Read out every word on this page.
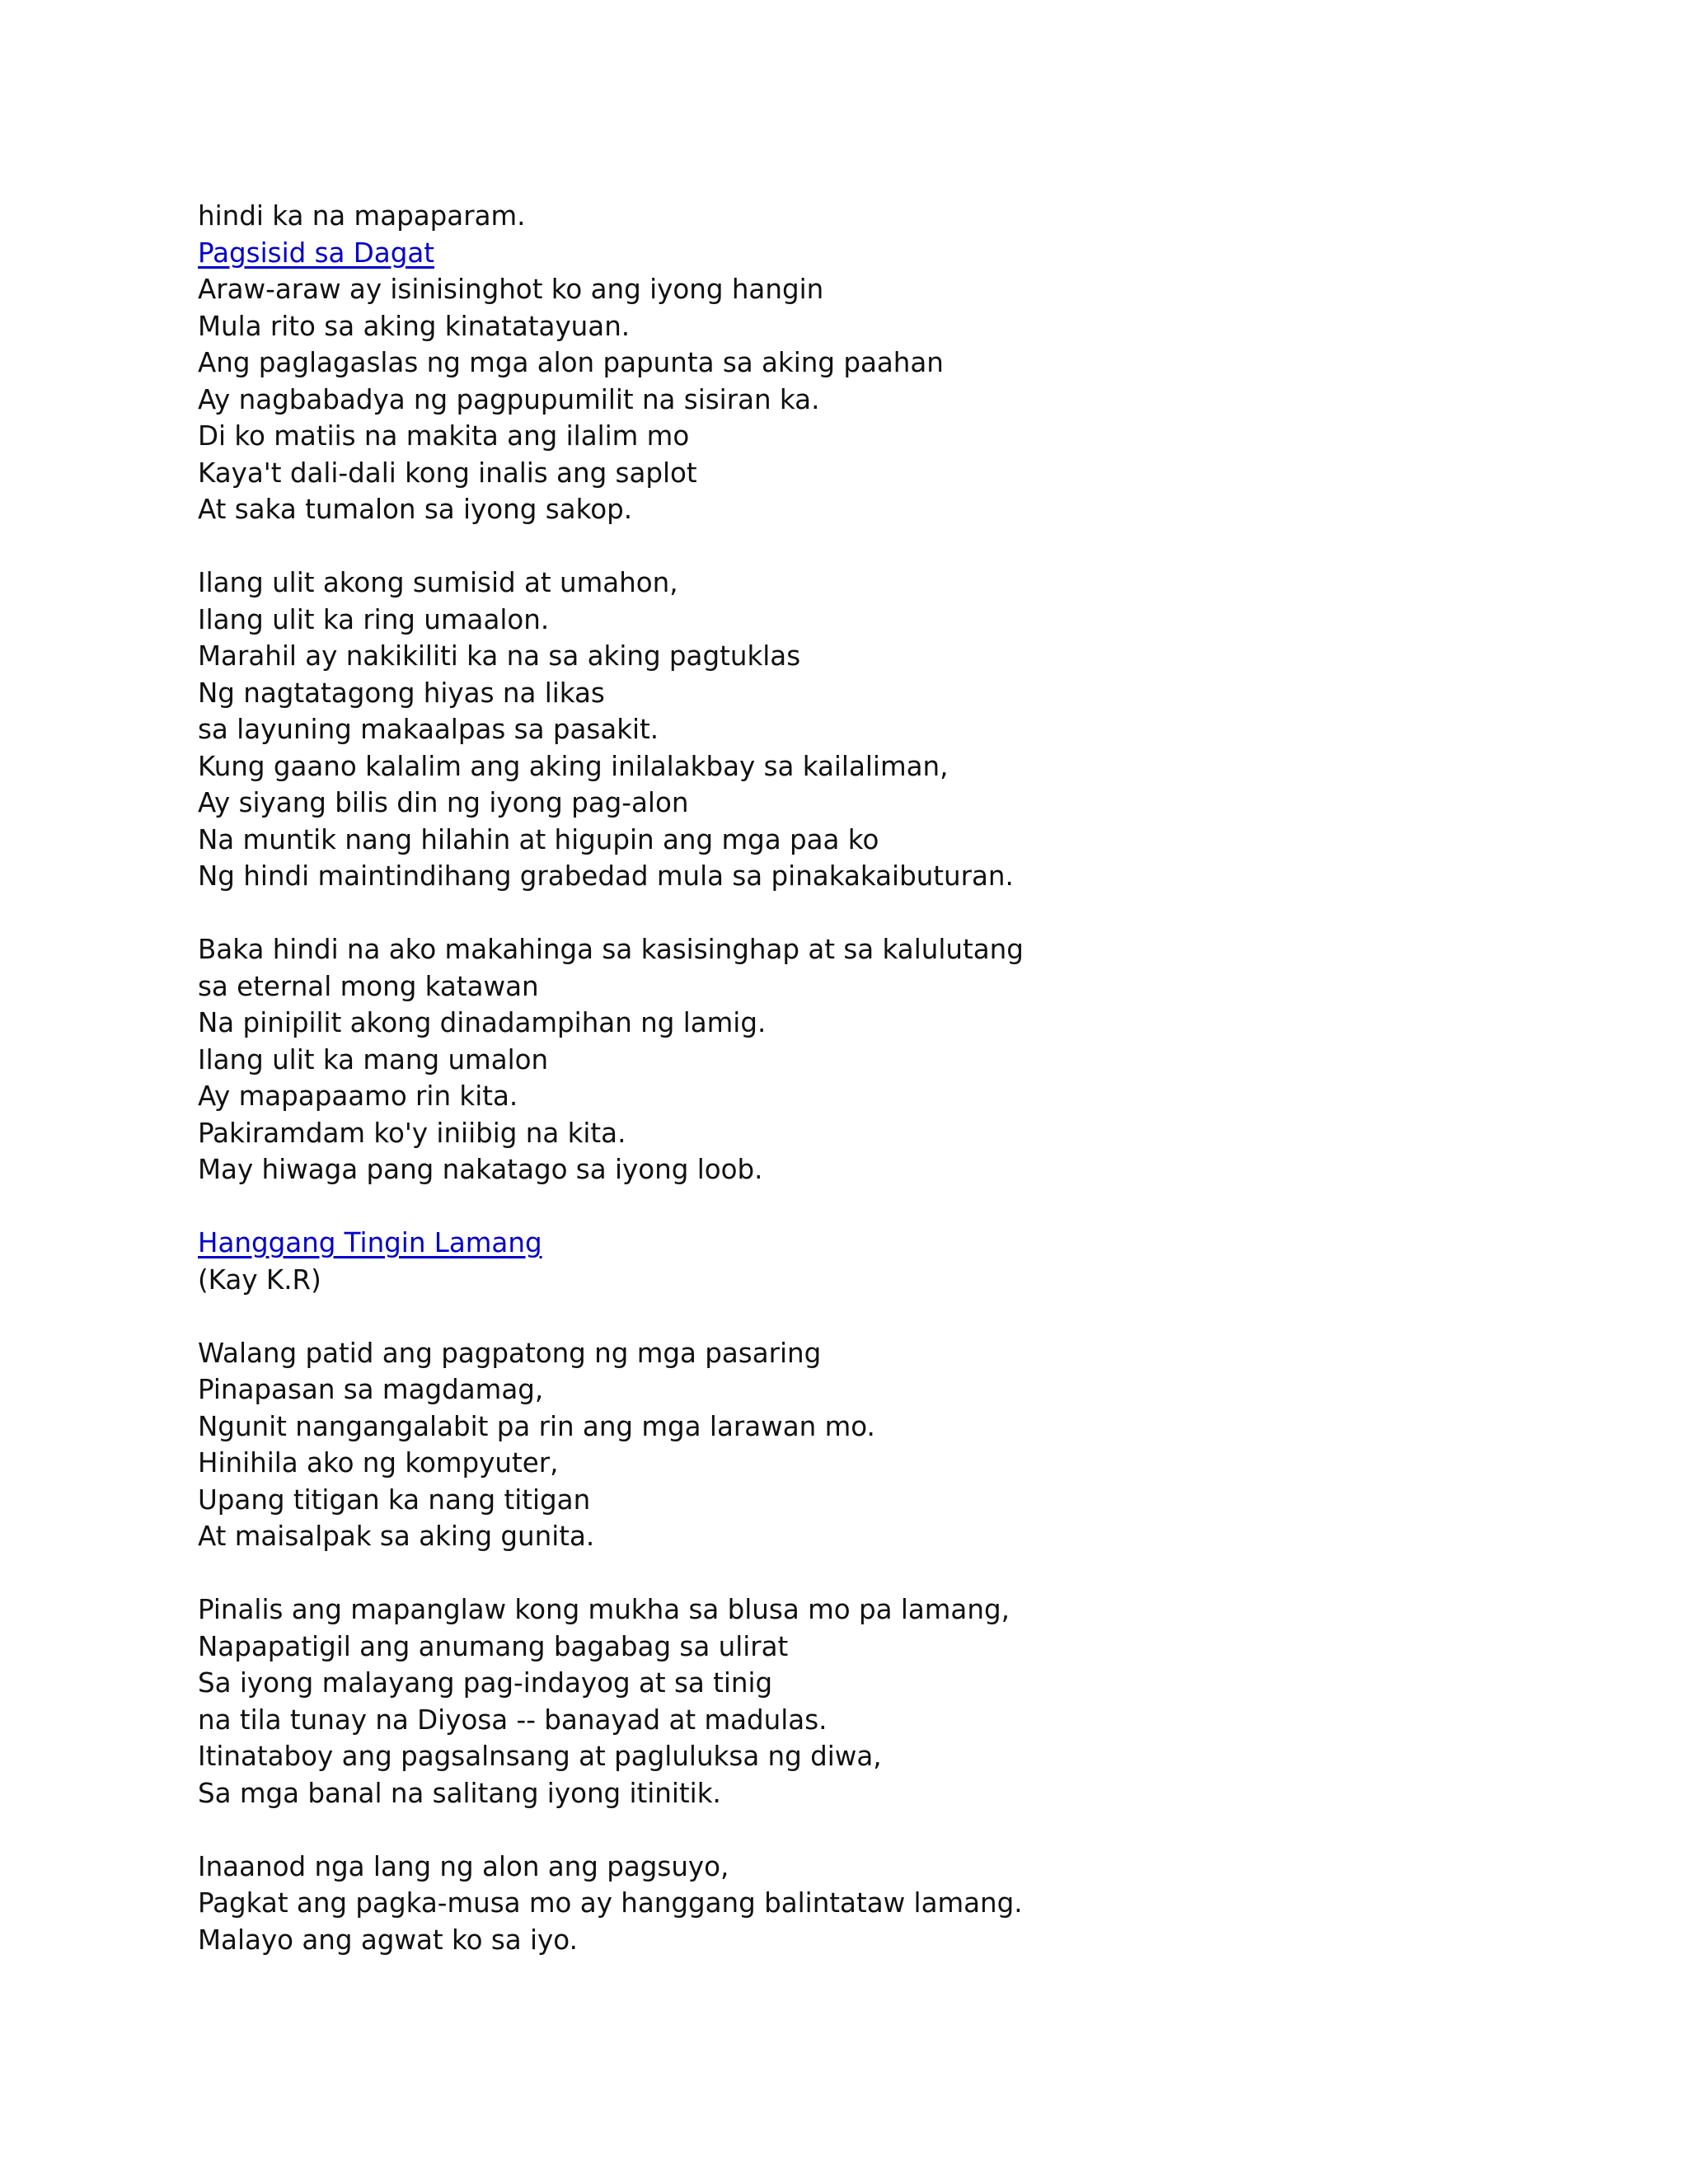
hindi ka na mapaparam.
Pagsisid sa Dagat
Araw-araw ay isinisinghot ko ang iyong hangin
Mula rito sa aking kinatatayuan.
Ang paglagaslas ng mga alon papunta sa aking paahan
Ay nagbabadya ng pagpupumilit na sisiran ka.
Di ko matiis na makita ang ilalim mo
Kaya't dali-dali kong inalis ang saplot
At saka tumalon sa iyong sakop.
Ilang ulit akong sumisid at umahon,
Ilang ulit ka ring umaalon.
Marahil ay nakikiliti ka na sa aking pagtuklas
Ng nagtatagong hiyas na likas
sa layuning makaalpas sa pasakit.
Kung gaano kalalim ang aking inilalakbay sa kailaliman,
Ay siyang bilis din ng iyong pag-alon
Na muntik nang hilahin at higupin ang mga paa ko
Ng hindi maintindihang grabedad mula sa pinakakaibuturan.
Baka hindi na ako makahinga sa kasisinghap at sa kalulutang
sa eternal mong katawan
Na pinipilit akong dinadampihan ng lamig.
Ilang ulit ka mang umalon
Ay mapapaamo rin kita.
Pakiramdam ko'y iniibig na kita.
May hiwaga pang nakatago sa iyong loob.
Hanggang Tingin Lamang
(Kay K.R)
Walang patid ang pagpatong ng mga pasaring
Pinapasan sa magdamag,
Ngunit nangangalabit pa rin ang mga larawan mo.
Hinihila ako ng kompyuter,
Upang titigan ka nang titigan
At maisalpak sa aking gunita.
Pinalis ang mapanglaw kong mukha sa blusa mo pa lamang,
Napapatigil ang anumang bagabag sa ulirat
Sa iyong malayang pag-indayog at sa tinig
na tila tunay na Diyosa -- banayad at madulas.
Itinataboy ang pagsalnsang at pagluluksa ng diwa,
Sa mga banal na salitang iyong itinitik.
Inaanod nga lang ng alon ang pagsuyo,
Pagkat ang pagka-musa mo ay hanggang balintataw lamang.
Malayo ang agwat ko sa iyo.
